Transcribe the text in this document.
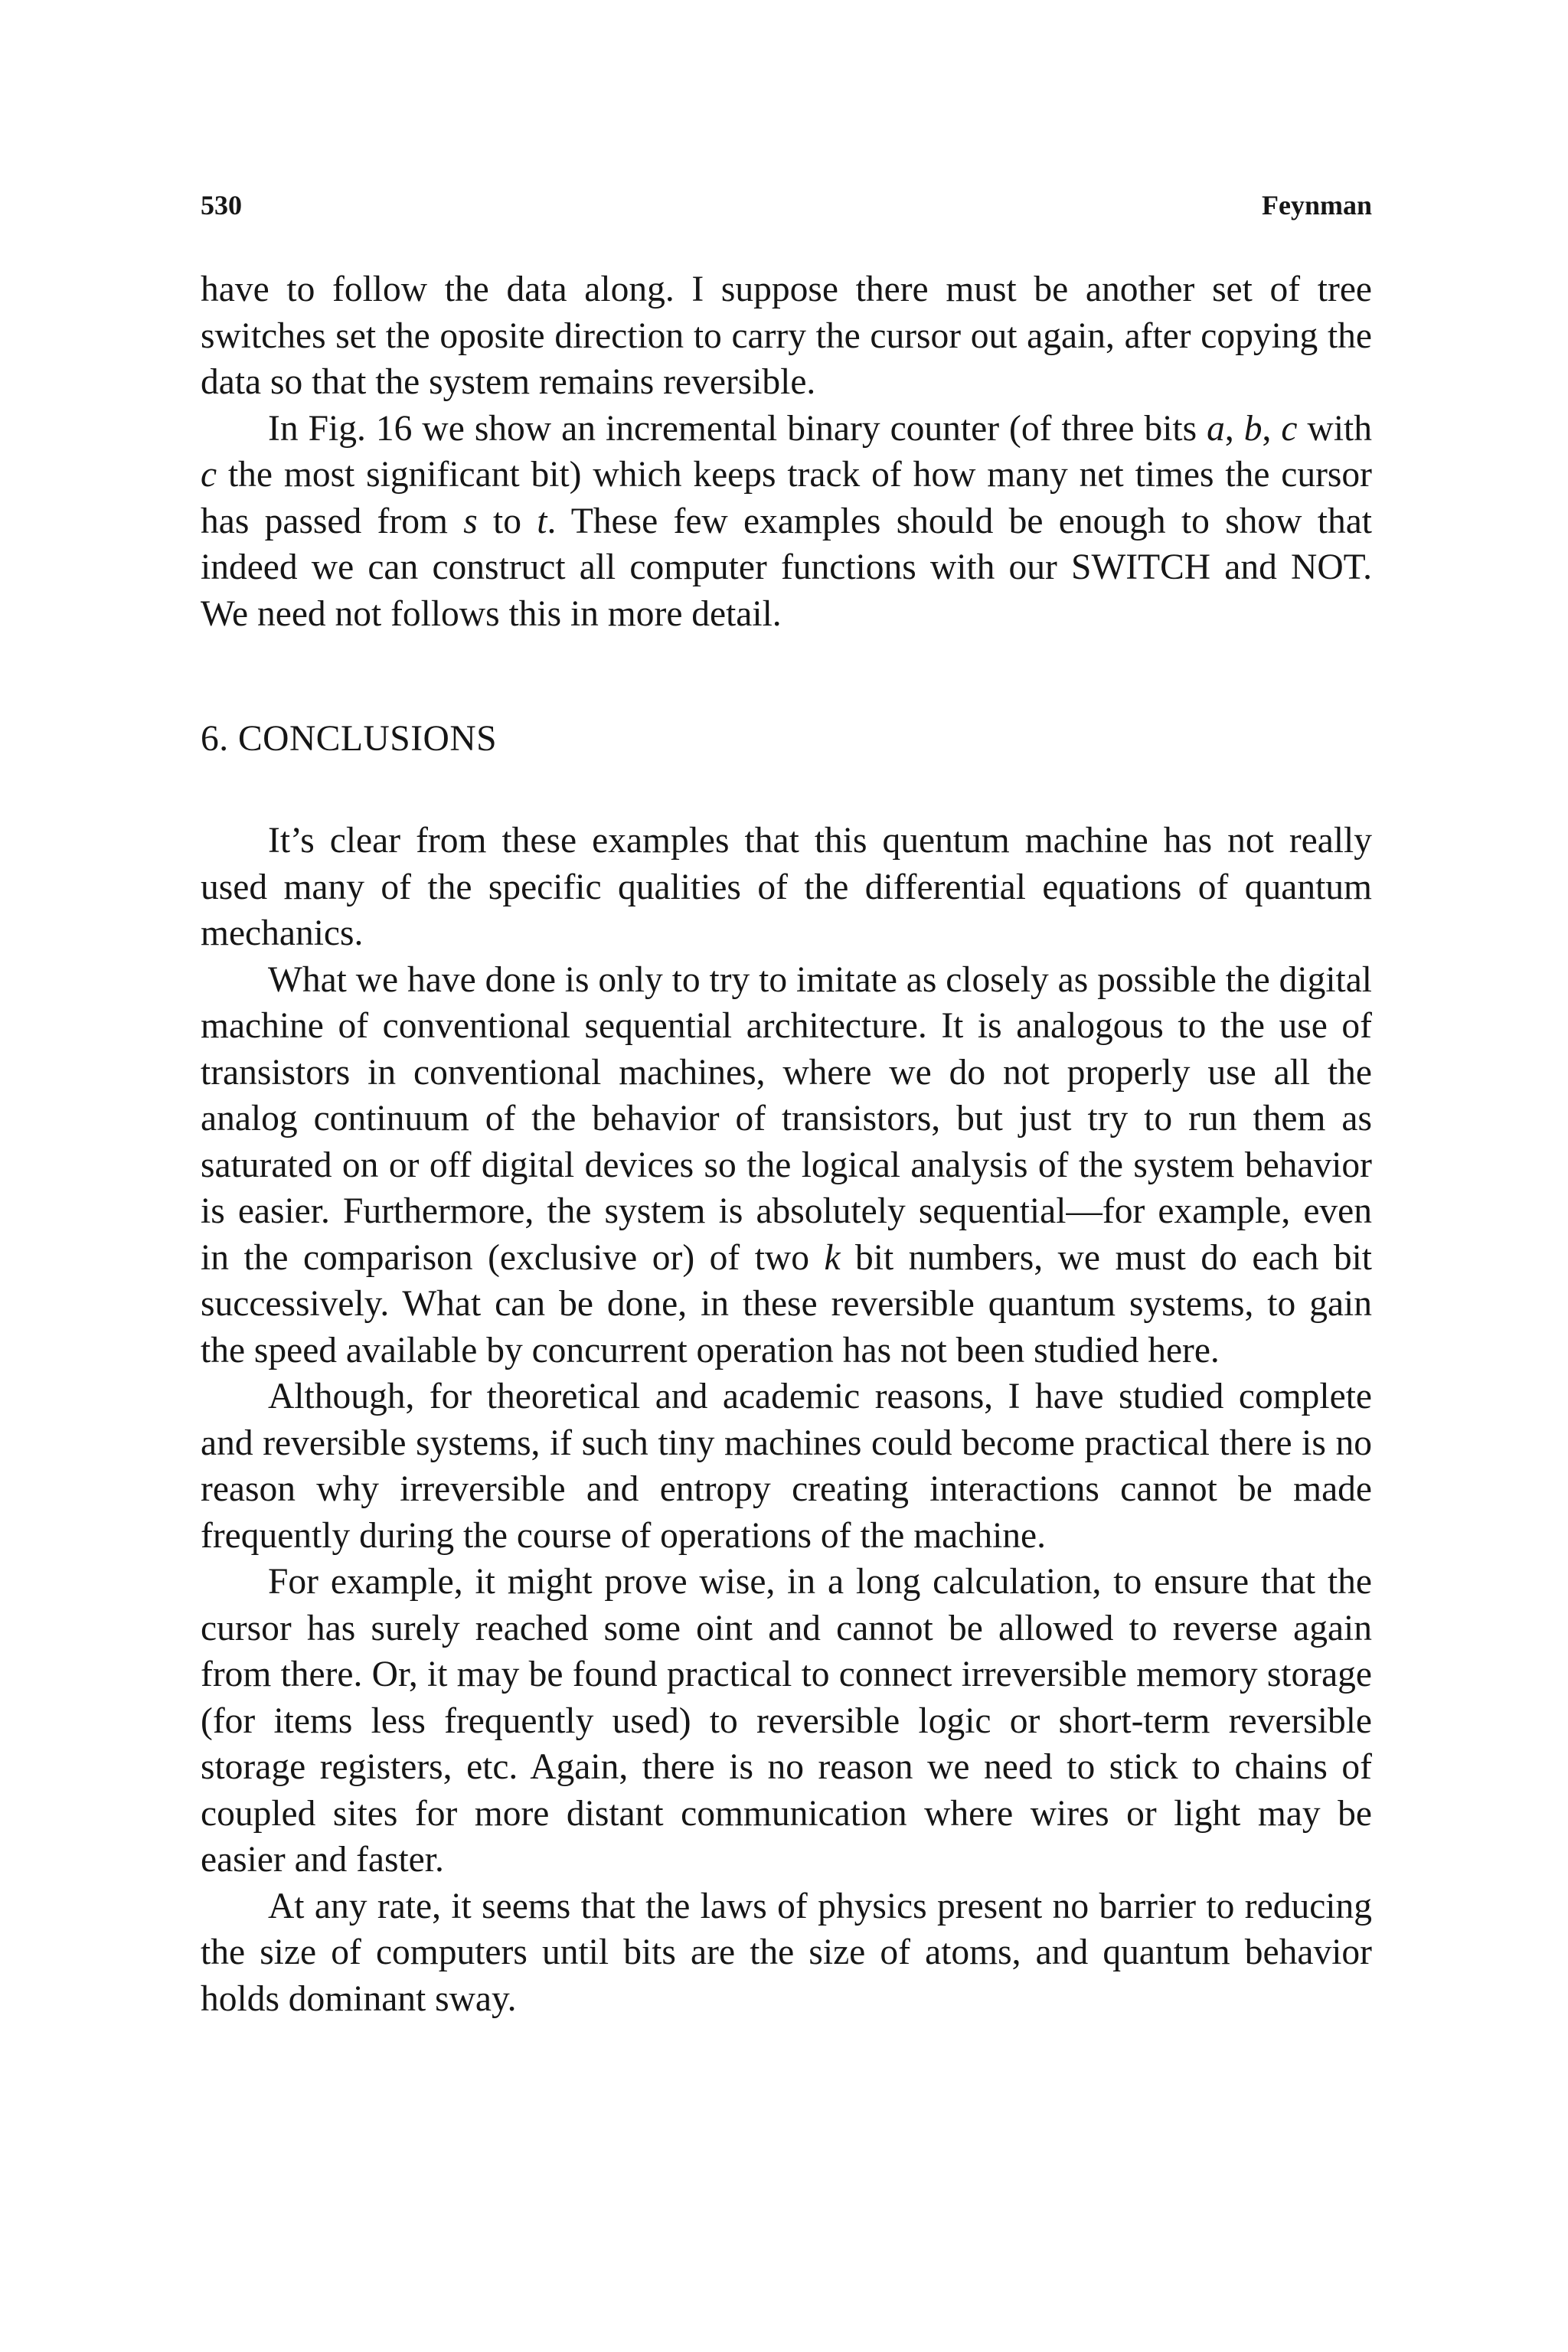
530	Feynman

have to follow the data along. I suppose there must be another set of tree switches set the oposite direction to carry the cursor out again, after copying the data so that the system remains reversible.

In Fig. 16 we show an incremental binary counter (of three bits a, b, c with c the most significant bit) which keeps track of how many net times the cursor has passed from s to t. These few examples should be enough to show that indeed we can construct all computer functions with our SWITCH and NOT. We need not follows this in more detail.

6. CONCLUSIONS

It’s clear from these examples that this quentum machine has not really used many of the specific qualities of the differential equations of quantum mechanics.

What we have done is only to try to imitate as closely as possible the digital machine of conventional sequential architecture. It is analogous to the use of transistors in conventional machines, where we do not properly use all the analog continuum of the behavior of transistors, but just try to run them as saturated on or off digital devices so the logical analysis of the system behavior is easier. Furthermore, the system is absolutely sequential—for example, even in the comparison (exclusive or) of two k bit numbers, we must do each bit successively. What can be done, in these reversible quantum systems, to gain the speed available by concurrent operation has not been studied here.

Although, for theoretical and academic reasons, I have studied complete and reversible systems, if such tiny machines could become practical there is no reason why irreversible and entropy creating interactions cannot be made frequently during the course of operations of the machine.

For example, it might prove wise, in a long calculation, to ensure that the cursor has surely reached some oint and cannot be allowed to reverse again from there. Or, it may be found practical to connect irreversible memory storage (for items less frequently used) to reversible logic or short-term reversible storage registers, etc. Again, there is no reason we need to stick to chains of coupled sites for more distant communication where wires or light may be easier and faster.

At any rate, it seems that the laws of physics present no barrier to reducing the size of computers until bits are the size of atoms, and quantum behavior holds dominant sway.
